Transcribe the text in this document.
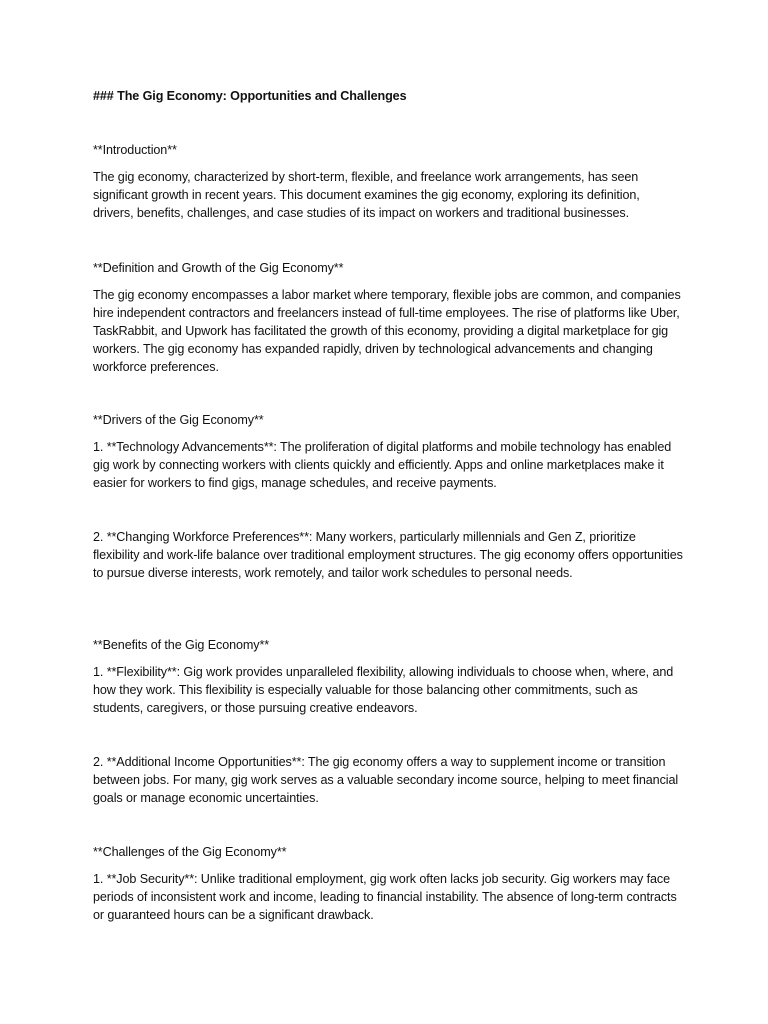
### The Gig Economy: Opportunities and Challenges

**Introduction**

The gig economy, characterized by short-term, flexible, and freelance work arrangements, has seen significant growth in recent years. This document examines the gig economy, exploring its definition, drivers, benefits, challenges, and case studies of its impact on workers and traditional businesses.

**Definition and Growth of the Gig Economy**

The gig economy encompasses a labor market where temporary, flexible jobs are common, and companies hire independent contractors and freelancers instead of full-time employees. The rise of platforms like Uber, TaskRabbit, and Upwork has facilitated the growth of this economy, providing a digital marketplace for gig workers. The gig economy has expanded rapidly, driven by technological advancements and changing workforce preferences.

**Drivers of the Gig Economy**

1. **Technology Advancements**: The proliferation of digital platforms and mobile technology has enabled gig work by connecting workers with clients quickly and efficiently. Apps and online marketplaces make it easier for workers to find gigs, manage schedules, and receive payments.

2. **Changing Workforce Preferences**: Many workers, particularly millennials and Gen Z, prioritize flexibility and work-life balance over traditional employment structures. The gig economy offers opportunities to pursue diverse interests, work remotely, and tailor work schedules to personal needs.

**Benefits of the Gig Economy**

1. **Flexibility**: Gig work provides unparalleled flexibility, allowing individuals to choose when, where, and how they work. This flexibility is especially valuable for those balancing other commitments, such as students, caregivers, or those pursuing creative endeavors.

2. **Additional Income Opportunities**: The gig economy offers a way to supplement income or transition between jobs. For many, gig work serves as a valuable secondary income source, helping to meet financial goals or manage economic uncertainties.

**Challenges of the Gig Economy**

1. **Job Security**: Unlike traditional employment, gig work often lacks job security. Gig workers may face periods of inconsistent work and income, leading to financial instability. The absence of long-term contracts or guaranteed hours can be a significant drawback.
